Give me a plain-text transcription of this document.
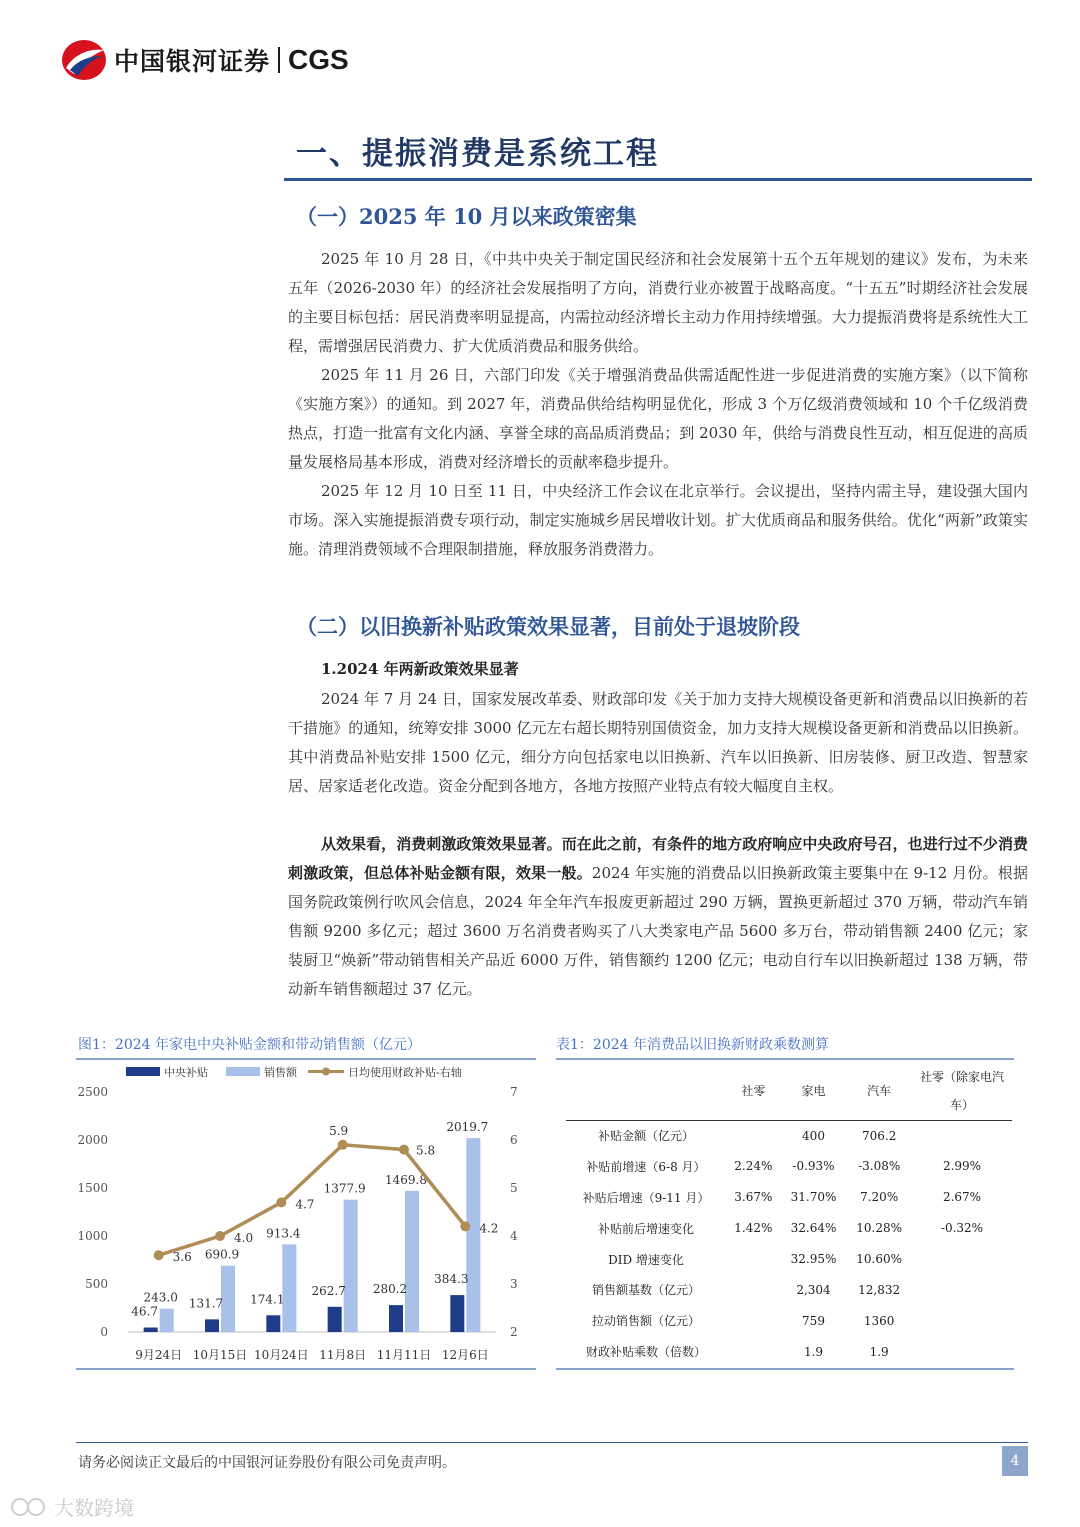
中国银河证券 CGS
一、提振消费是系统工程
（一）2025 年 10 月以来政策密集

2025 年 10 月 28 日，《中共中央关于制定国民经济和社会发展第十五个五年规划的建议》发布，为未来五年（2026-2030 年）的经济社会发展指明了方向，消费行业亦被置于战略高度。“十五五”时期经济社会发展的主要目标包括：居民消费率明显提高，内需拉动经济增长主动力作用持续增强。大力提振消费将是系统性大工程，需增强居民消费力、扩大优质消费品和服务供给。

2025 年 11 月 26 日，六部门印发《关于增强消费品供需适配性进一步促进消费的实施方案》（以下简称《实施方案》）的通知。到 2027 年，消费品供给结构明显优化，形成 3 个万亿级消费领域和 10 个千亿级消费热点，打造一批富有文化内涵、享誉全球的高品质消费品；到 2030 年，供给与消费良性互动，相互促进的高质量发展格局基本形成，消费对经济增长的贡献率稳步提升。

2025 年 12 月 10 日至 11 日，中央经济工作会议在北京举行。会议提出，坚持内需主导，建设强大国内市场。深入实施提振消费专项行动，制定实施城乡居民增收计划。扩大优质商品和服务供给。优化“两新”政策实施。清理消费领域不合理限制措施，释放服务消费潜力。

（二）以旧换新补贴政策效果显著，目前处于退坡阶段
1.2024 年两新政策效果显著

2024 年 7 月 24 日，国家发展改革委、财政部印发《关于加力支持大规模设备更新和消费品以旧换新的若干措施》的通知，统筹安排 3000 亿元左右超长期特别国债资金，加力支持大规模设备更新和消费品以旧换新。其中消费品补贴安排 1500 亿元，细分方向包括家电以旧换新、汽车以旧换新、旧房装修、厨卫改造、智慧家居、居家适老化改造。资金分配到各地方，各地方按照产业特点有较大幅度自主权。

从效果看，消费刺激政策效果显著。而在此之前，有条件的地方政府响应中央政府号召，也进行过不少消费刺激政策，但总体补贴金额有限，效果一般。2024 年实施的消费品以旧换新政策主要集中在 9-12 月份。根据国务院政策例行吹风会信息，2024 年全年汽车报废更新超过 290 万辆，置换更新超过 370 万辆，带动汽车销售额 9200 多亿元；超过 3600 万名消费者购买了八大类家电产品 5600 多万台，带动销售额 2400 亿元；家装厨卫“焕新”带动销售相关产品近 6000 万件，销售额约 1200 亿元；电动自行车以旧换新超过 138 万辆，带动新车销售额超过 37 亿元。

图1：2024 年家电中央补贴金额和带动销售额（亿元）
中央补贴	销售额	日均使用财政补贴-右轴
0
500
1000
1500
2000
2500
2
3
4
5
6
7
46.7
243.0
9月24日
131.7
690.9
10月15日
174.1
913.4
10月24日
262.7
1377.9
11月8日
280.2
1469.8
11月11日
384.3
2019.7
12月6日
3.6
4.0
4.7
5.9
5.8
4.2
表1：2024 年消费品以旧换新财政乘数测算
	社零	家电	汽车	社零（除家电汽车）
补贴金额（亿元）		400	706.2	
补贴前增速（6-8 月）	2.24%	-0.93%	-3.08%	2.99%
补贴后增速（9-11 月）	3.67%	31.70%	7.20%	2.67%
补贴前后增速变化	1.42%	32.64%	10.28%	-0.32%
DID 增速变化		32.95%	10.60%	
销售额基数（亿元）		2,304	12,832	
拉动销售额（亿元）		759	1360	
财政补贴乘数（倍数）		1.9	1.9	
请务必阅读正文最后的中国银河证券股份有限公司免责声明。	4
大数跨境
